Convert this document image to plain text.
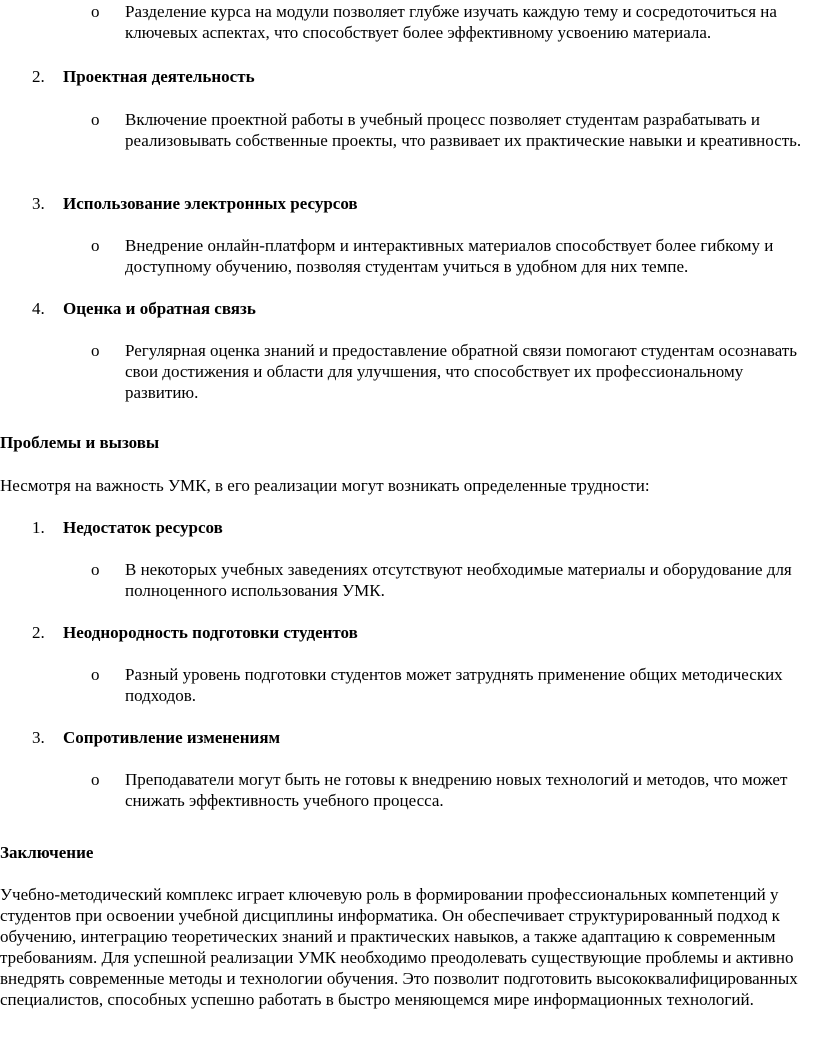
o Разделение курса на модули позволяет глубже изучать каждую тему и сосредоточиться на ключевых аспектах, что способствует более эффективному усвоению материала.

2.	Проектная деятельность

o Включение проектной работы в учебный процесс позволяет студентам разрабатывать и реализовывать собственные проекты, что развивает их практические навыки и креативность.

3.	Использование электронных ресурсов

o Внедрение онлайн-платформ и интерактивных материалов способствует более гибкому и доступному обучению, позволяя студентам учиться в удобном для них темпе.

4.	Оценка и обратная связь

o Регулярная оценка знаний и предоставление обратной связи помогают студентам осознавать свои достижения и области для улучшения, что способствует их профессиональному развитию.

Проблемы и вызовы

Несмотря на важность УМК, в его реализации могут возникать определенные трудности:

1.	Недостаток ресурсов

o В некоторых учебных заведениях отсутствуют необходимые материалы и оборудование для полноценного использования УМК.

2.	Неоднородность подготовки студентов

o Разный уровень подготовки студентов может затруднять применение общих методических подходов.

3.	Сопротивление изменениям

o Преподаватели могут быть не готовы к внедрению новых технологий и методов, что может снижать эффективность учебного процесса.

Заключение

Учебно-методический комплекс играет ключевую роль в формировании профессиональных компетенций у студентов при освоении учебной дисциплины информатика. Он обеспечивает структурированный подход к обучению, интеграцию теоретических знаний и практических навыков, а также адаптацию к современным требованиям. Для успешной реализации УМК необходимо преодолевать существующие проблемы и активно внедрять современные методы и технологии обучения. Это позволит подготовить высококвалифицированных специалистов, способных успешно работать в быстро меняющемся мире информационных технологий.
